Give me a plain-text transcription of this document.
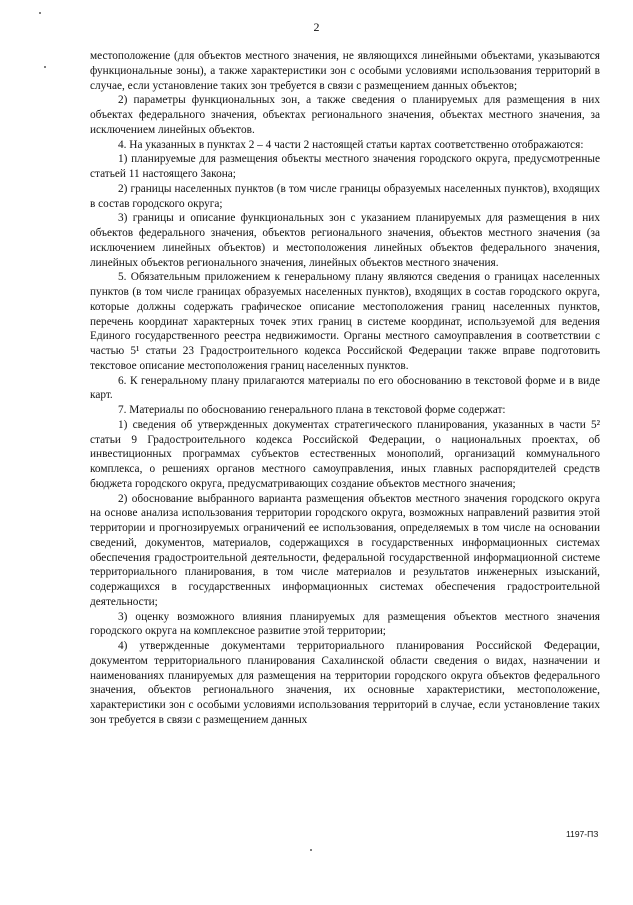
2

местоположение (для объектов местного значения, не являющихся линейными объектами, указываются функциональные зоны), а также характеристики зон с особыми условиями использования территорий в случае, если установление таких зон требуется в связи с размещением данных объектов;

2) параметры функциональных зон, а также сведения о планируемых для размещения в них объектах федерального значения, объектах регионального значения, объектах местного значения, за исключением линейных объектов.

4. На указанных в пунктах 2 – 4 части 2 настоящей статьи картах соответственно отображаются:

1) планируемые для размещения объекты местного значения городского округа, предусмотренные статьей 11 настоящего Закона;

2) границы населенных пунктов (в том числе границы образуемых населенных пунктов), входящих в состав городского округа;

3) границы и описание функциональных зон с указанием планируемых для размещения в них объектов федерального значения, объектов регионального значения, объектов местного значения (за исключением линейных объектов) и местоположения линейных объектов федерального значения, линейных объектов регионального значения, линейных объектов местного значения.

5. Обязательным приложением к генеральному плану являются сведения о границах населенных пунктов (в том числе границах образуемых населенных пунктов), входящих в состав городского округа, которые должны содержать графическое описание местоположения границ населенных пунктов, перечень координат характерных точек этих границ в системе координат, используемой для ведения Единого государственного реестра недвижимости. Органы местного самоуправления в соответствии с частью 5¹ статьи 23 Градостроительного кодекса Российской Федерации также вправе подготовить текстовое описание местоположения границ населенных пунктов.

6. К генеральному плану прилагаются материалы по его обоснованию в текстовой форме и в виде карт.

7. Материалы по обоснованию генерального плана в текстовой форме содержат:

1) сведения об утвержденных документах стратегического планирования, указанных в части 5² статьи 9 Градостроительного кодекса Российской Федерации, о национальных проектах, об инвестиционных программах субъектов естественных монополий, организаций коммунального комплекса, о решениях органов местного самоуправления, иных главных распорядителей средств бюджета городского округа, предусматривающих создание объектов местного значения;

2) обоснование выбранного варианта размещения объектов местного значения городского округа на основе анализа использования территории городского округа, возможных направлений развития этой территории и прогнозируемых ограничений ее использования, определяемых в том числе на основании сведений, документов, материалов, содержащихся в государственных информационных системах обеспечения градостроительной деятельности, федеральной государственной информационной системе территориального планирования, в том числе материалов и результатов инженерных изысканий, содержащихся в государственных информационных системах обеспечения градостроительной деятельности;

3) оценку возможного влияния планируемых для размещения объектов местного значения городского округа на комплексное развитие этой территории;

4) утвержденные документами территориального планирования Российской Федерации, документом территориального планирования Сахалинской области сведения о видах, назначении и наименованиях планируемых для размещения на территории городского округа объектов федерального значения, объектов регионального значения, их основные характеристики, местоположение, характеристики зон с особыми условиями использования территорий в случае, если установление таких зон требуется в связи с размещением данных

1197-ПЗ
